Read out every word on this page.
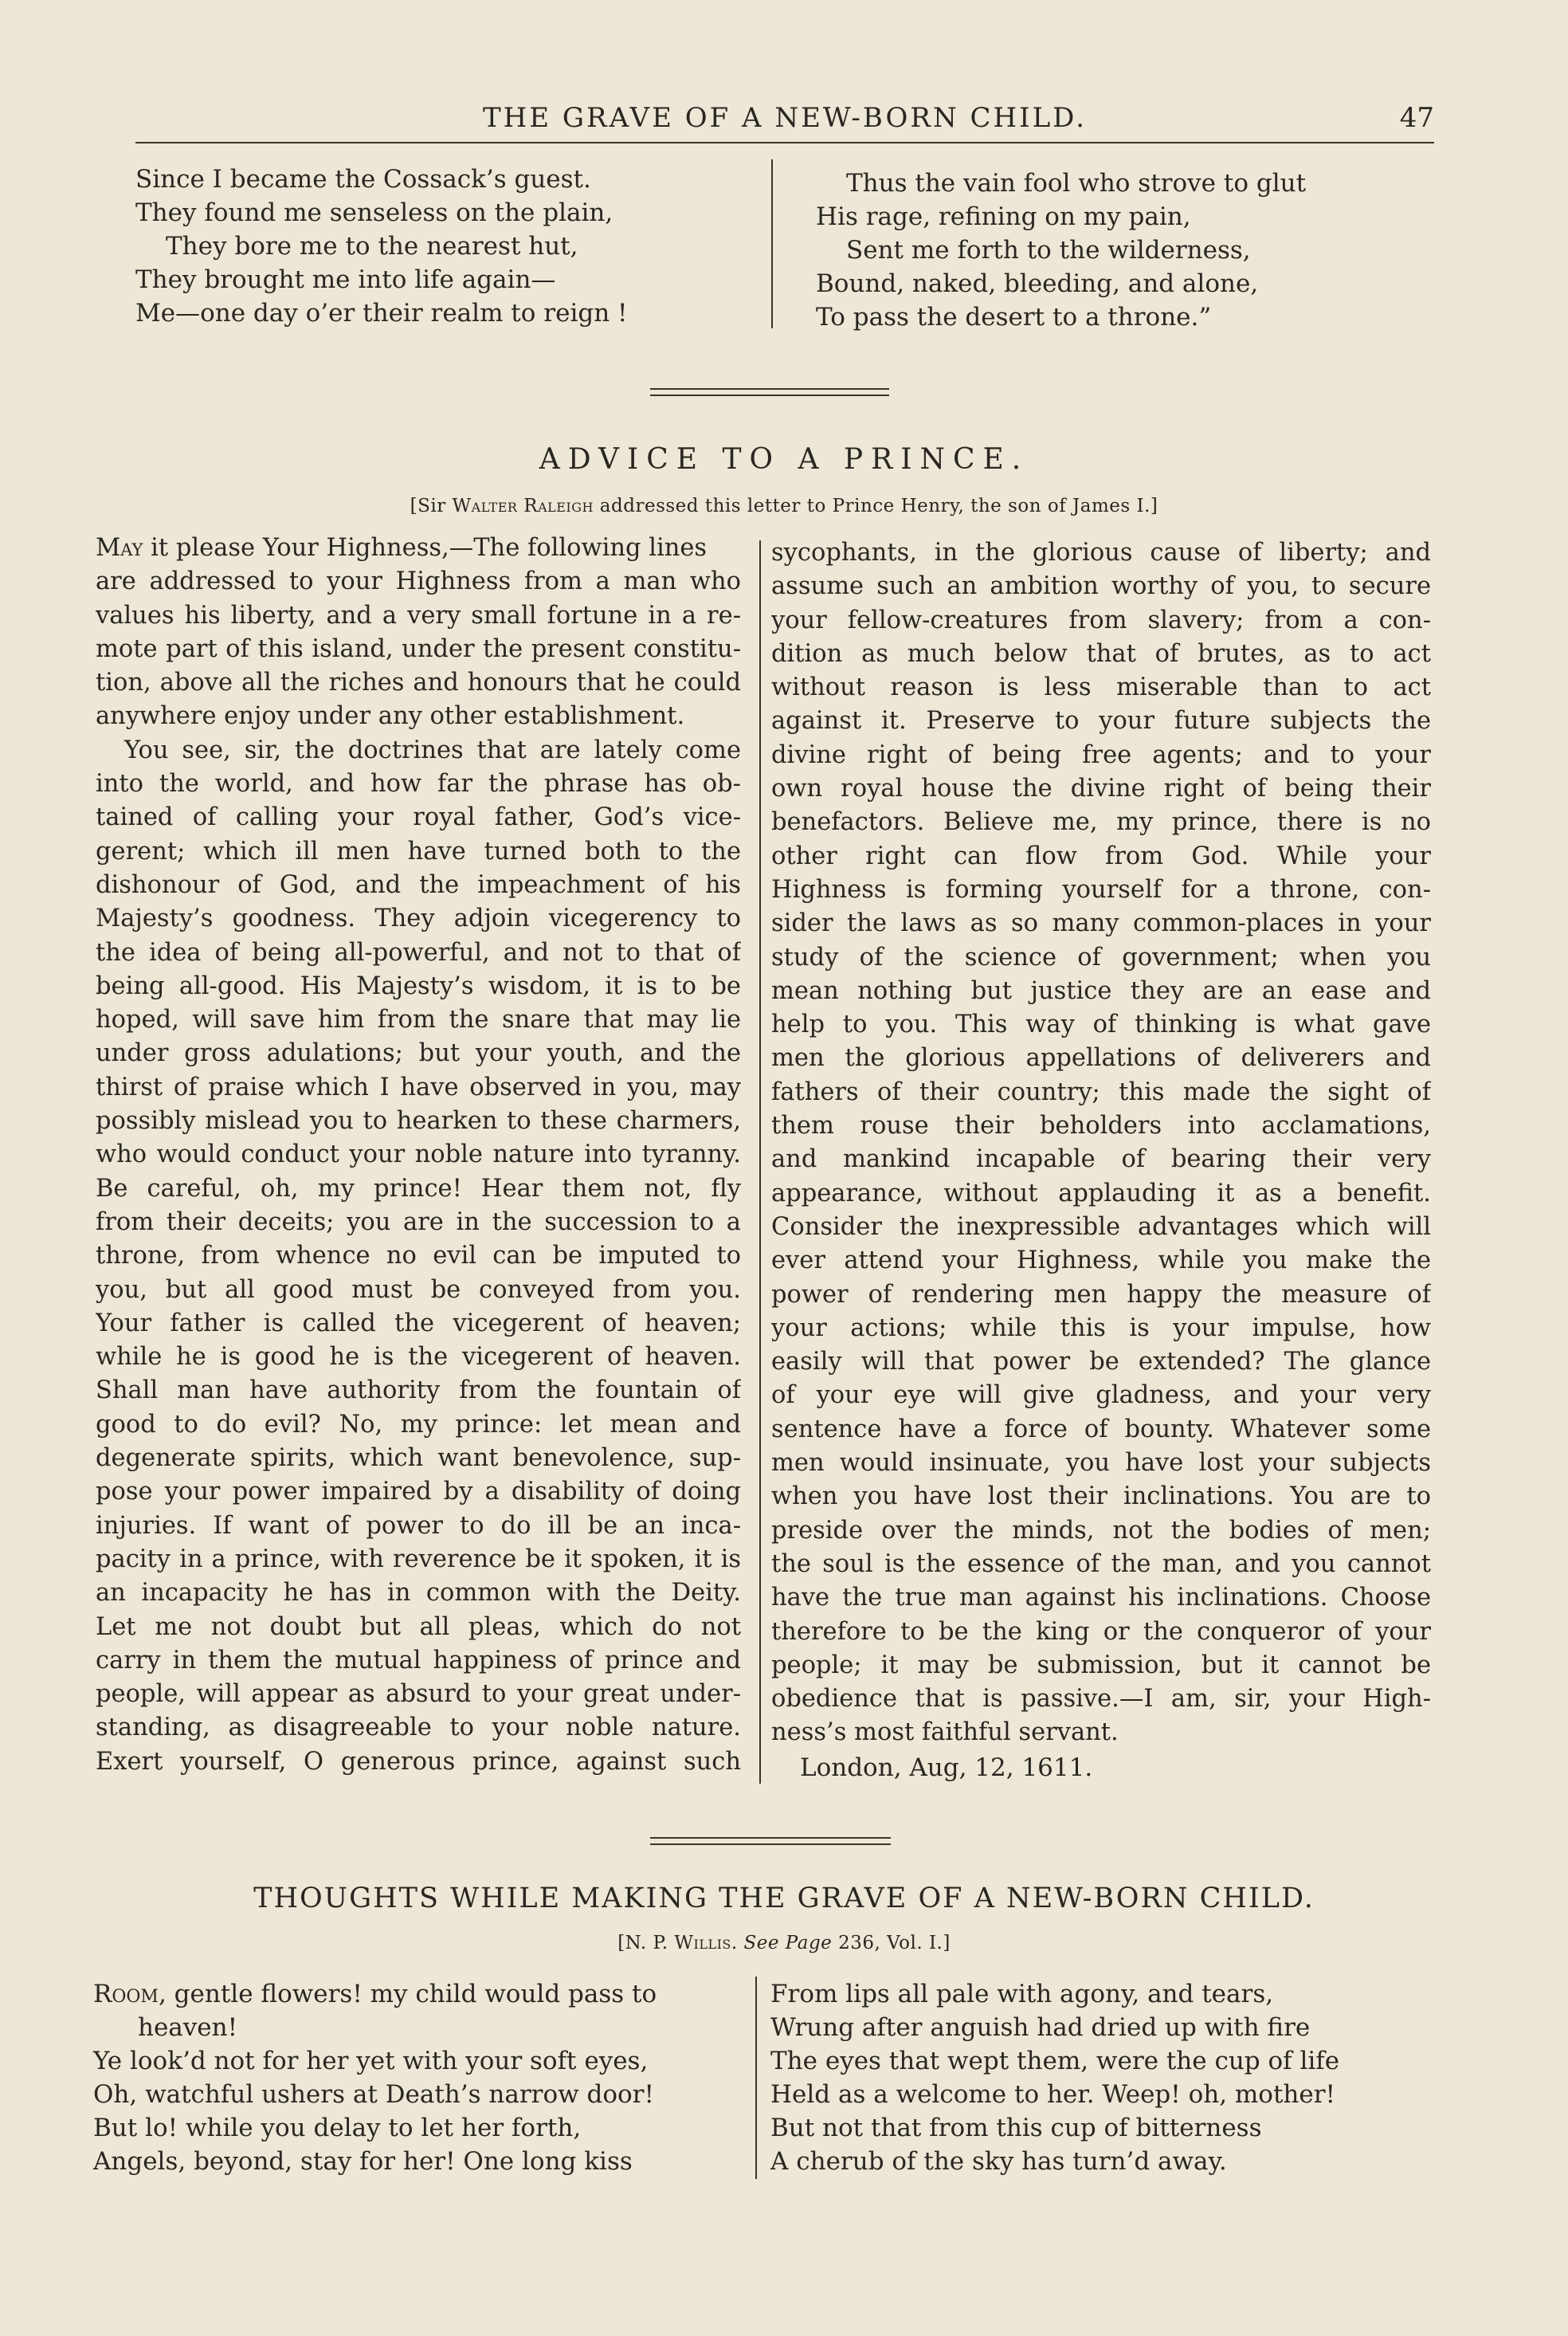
THE GRAVE OF A NEW-BORN CHILD.	47
Since I became the Cossack’s guest.
They found me senseless on the plain,
They bore me to the nearest hut,
They brought me into life again—
Me—one day o’er their realm to reign !
Thus the vain fool who strove to glut
His rage, refining on my pain,
Sent me forth to the wilderness,
Bound, naked, bleeding, and alone,
To pass the desert to a throne.”
ADVICE TO A PRINCE.
[Sir Walter Raleigh addressed this letter to Prince Henry, the son of James I.]
May it please Your Highness,—The following lines
are addressed to your Highness from a man who
values his liberty, and a very small fortune in a re-
mote part of this island, under the present constitu-
tion, above all the riches and honours that he could
anywhere enjoy under any other establishment.
You see, sir, the doctrines that are lately come
into the world, and how far the phrase has ob-
tained of calling your royal father, God’s vice-
gerent; which ill men have turned both to the
dishonour of God, and the impeachment of his
Majesty’s goodness. They adjoin vicegerency to
the idea of being all-powerful, and not to that of
being all-good. His Majesty’s wisdom, it is to be
hoped, will save him from the snare that may lie
under gross adulations; but your youth, and the
thirst of praise which I have observed in you, may
possibly mislead you to hearken to these charmers,
who would conduct your noble nature into tyranny.
Be careful, oh, my prince! Hear them not, fly
from their deceits; you are in the succession to a
throne, from whence no evil can be imputed to
you, but all good must be conveyed from you.
Your father is called the vicegerent of heaven;
while he is good he is the vicegerent of heaven.
Shall man have authority from the fountain of
good to do evil? No, my prince: let mean and
degenerate spirits, which want benevolence, sup-
pose your power impaired by a disability of doing
injuries. If want of power to do ill be an inca-
pacity in a prince, with reverence be it spoken, it is
an incapacity he has in common with the Deity.
Let me not doubt but all pleas, which do not
carry in them the mutual happiness of prince and
people, will appear as absurd to your great under-
standing, as disagreeable to your noble nature.
Exert yourself, O generous prince, against such
sycophants, in the glorious cause of liberty; and
assume such an ambition worthy of you, to secure
your fellow-creatures from slavery; from a con-
dition as much below that of brutes, as to act
without reason is less miserable than to act
against it. Preserve to your future subjects the
divine right of being free agents; and to your
own royal house the divine right of being their
benefactors. Believe me, my prince, there is no
other right can flow from God. While your
Highness is forming yourself for a throne, con-
sider the laws as so many common-places in your
study of the science of government; when you
mean nothing but justice they are an ease and
help to you. This way of thinking is what gave
men the glorious appellations of deliverers and
fathers of their country; this made the sight of
them rouse their beholders into acclamations,
and mankind incapable of bearing their very
appearance, without applauding it as a benefit.
Consider the inexpressible advantages which will
ever attend your Highness, while you make the
power of rendering men happy the measure of
your actions; while this is your impulse, how
easily will that power be extended? The glance
of your eye will give gladness, and your very
sentence have a force of bounty. Whatever some
men would insinuate, you have lost your subjects
when you have lost their inclinations. You are to
preside over the minds, not the bodies of men;
the soul is the essence of the man, and you cannot
have the true man against his inclinations. Choose
therefore to be the king or the conqueror of your
people; it may be submission, but it cannot be
obedience that is passive.—I am, sir, your High-
ness’s most faithful servant.
London, Aug, 12, 1611.
THOUGHTS WHILE MAKING THE GRAVE OF A NEW-BORN CHILD.
[N. P. Willis. See Page 236, Vol. I.]
Room, gentle flowers! my child would pass to
heaven!
Ye look’d not for her yet with your soft eyes,
Oh, watchful ushers at Death’s narrow door!
But lo! while you delay to let her forth,
Angels, beyond, stay for her! One long kiss
From lips all pale with agony, and tears,
Wrung after anguish had dried up with fire
The eyes that wept them, were the cup of life
Held as a welcome to her. Weep! oh, mother!
But not that from this cup of bitterness
A cherub of the sky has turn’d away.
